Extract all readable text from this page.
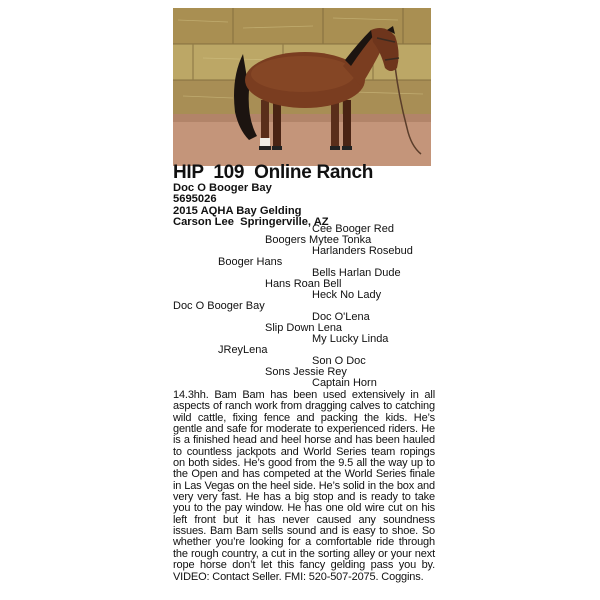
HIP  109 Online Ranch
Doc O Booger Bay
5695026
2015 AQHA Bay Gelding
Carson Lee  Springerville, AZ
Cee Booger Red
Boogers Mytee Tonka
Harlanders Rosebud
Booger Hans
Bells Harlan Dude
Hans Roan Bell
Heck No Lady
Doc O Booger Bay
Doc O'Lena
Slip Down Lena
My Lucky Linda
JReyLena
Son O Doc
Sons Jessie Rey
Captain Horn
14.3hh. Bam Bam has been used extensively in all aspects of ranch work from dragging calves to catching wild cattle, fixing fence and packing the kids. He’s gentle and safe for moderate to experienced riders. He is a finished head and heel horse and has been hauled to countless jackpots and World Series team ropings on both sides. He’s good from the 9.5 all the way up to the Open and has competed at the World Series finale in Las Vegas on the heel side. He’s solid in the box and very very fast. He has a big stop and is ready to take you to the pay window. He has one old wire cut on his left front but it has never caused any soundness issues. Bam Bam sells sound and is easy to shoe. So whether you’re looking for a comfortable ride through the rough country, a cut in the sorting alley or your next rope horse don’t let this fancy gelding pass you by. VIDEO: Contact Seller. FMI: 520-507-2075. Coggins.
